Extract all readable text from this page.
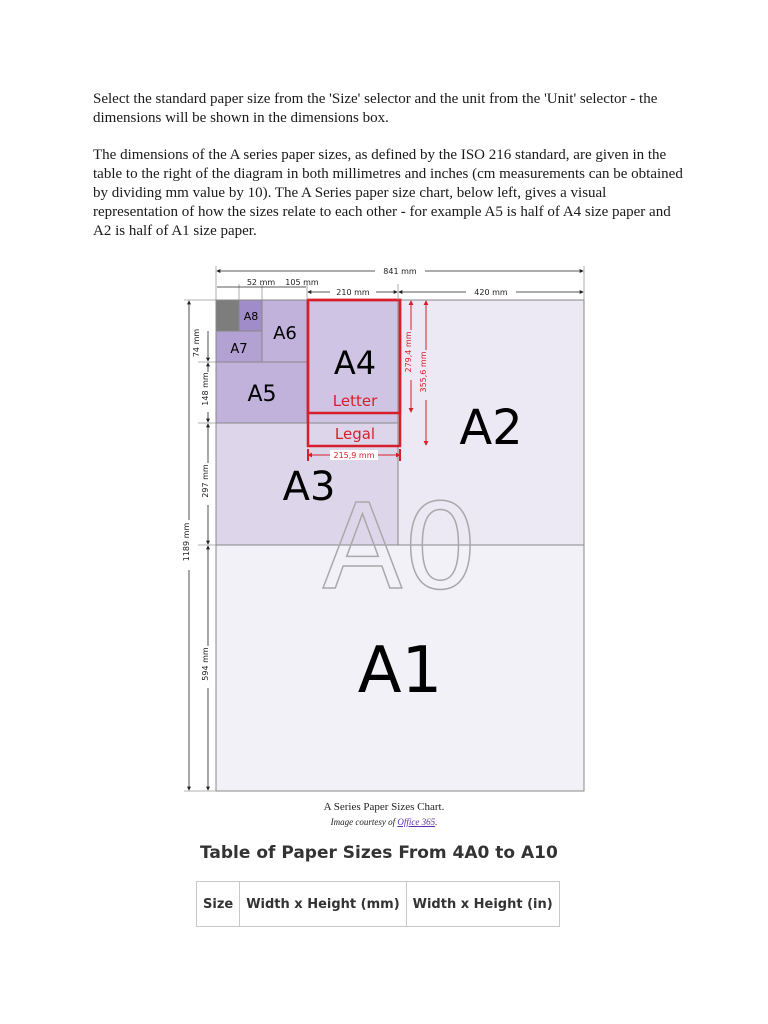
Select the standard paper size from the 'Size' selector and the unit from the 'Unit' selector - the dimensions will be shown in the dimensions box.

The dimensions of the A series paper sizes, as defined by the ISO 216 standard, are given in the table to the right of the diagram in both millimetres and inches (cm measurements can be obtained by dividing mm value by 10). The A Series paper size chart, below left, gives a visual representation of how the sizes relate to each other - for example A5 is half of A4 size paper and A2 is half of A1 size paper.

A0
A1
A2
A3
A4
A5
A6
A7
A8
Letter
Legal
215,9 mm
279,4 mm 355,6 mm
841 mm
52 mm 105 mm
210 mm	420 mm
1189 mm
74 mm
148 mm
297 mm
594 mm

A Series Paper Sizes Chart.

Image courtesy of Office 365.

Table of Paper Sizes From 4A0 to A10
Size	Width x Height (mm)	Width x Height (in)
